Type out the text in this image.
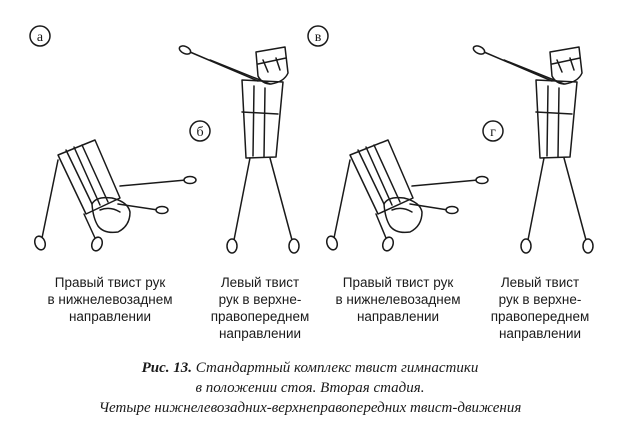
а
б
в
г
Правый твист рук
в нижнелевозаднем
направлении
Левый твист
рук в верхне-
правопереднем
направлении
Правый твист рук
в нижнелевозаднем
направлении
Левый твист
рук в верхне-
правопереднем
направлении
Рис. 13. Стандартный комплекс твист гимнастики
в положении стоя. Вторая стадия.
Четыре нижнелевозадних-верхнеправопередних твист-движения
